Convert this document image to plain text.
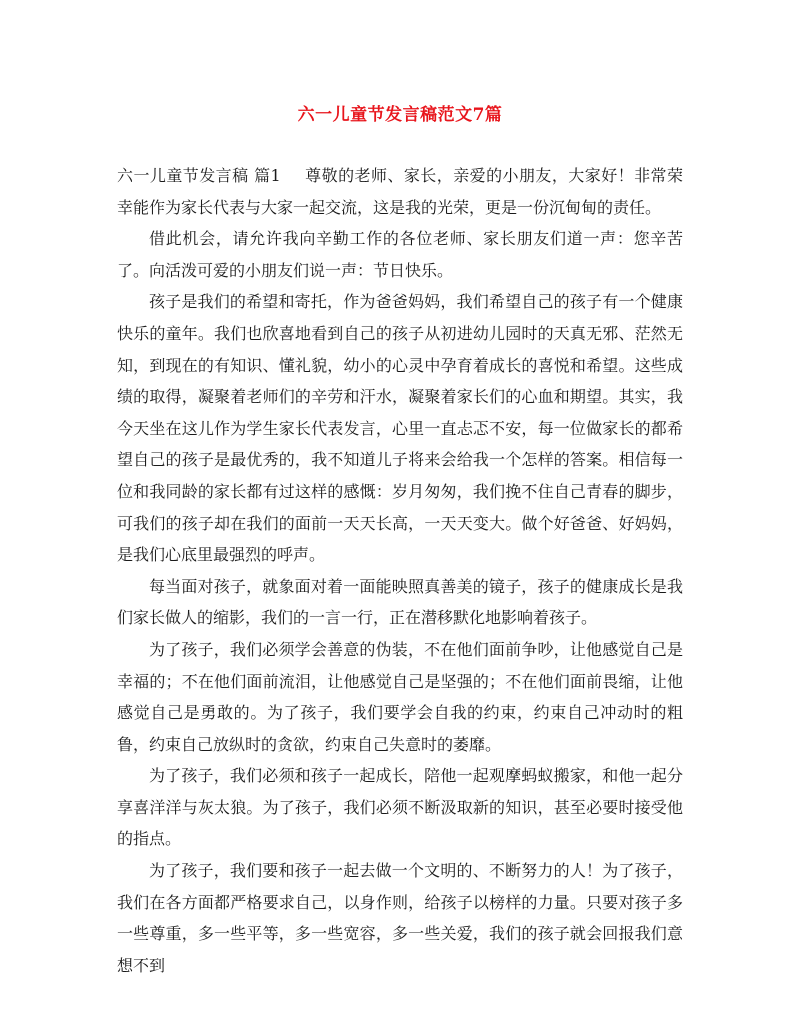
六一儿童节发言稿范文7篇

六一儿童节发言稿 篇1 尊敬的老师、家长，亲爱的小朋友，大家好！非常荣幸能作为家长代表与大家一起交流，这是我的光荣，更是一份沉甸甸的责任。

借此机会，请允许我向辛勤工作的各位老师、家长朋友们道一声：您辛苦了。向活泼可爱的小朋友们说一声：节日快乐。

孩子是我们的希望和寄托，作为爸爸妈妈，我们希望自己的孩子有一个健康快乐的童年。我们也欣喜地看到自己的孩子从初进幼儿园时的天真无邪、茫然无知，到现在的有知识、懂礼貌，幼小的心灵中孕育着成长的喜悦和希望。这些成绩的取得，凝聚着老师们的辛劳和汗水，凝聚着家长们的心血和期望。其实，我今天坐在这儿作为学生家长代表发言，心里一直忐忑不安，每一位做家长的都希望自己的孩子是最优秀的，我不知道儿子将来会给我一个怎样的答案。相信每一位和我同龄的家长都有过这样的感慨：岁月匆匆，我们挽不住自己青春的脚步，可我们的孩子却在我们的面前一天天长高，一天天变大。做个好爸爸、好妈妈，是我们心底里最强烈的呼声。

每当面对孩子，就象面对着一面能映照真善美的镜子，孩子的健康成长是我们家长做人的缩影，我们的一言一行，正在潜移默化地影响着孩子。

为了孩子，我们必须学会善意的伪装，不在他们面前争吵，让他感觉自己是幸福的；不在他们面前流泪，让他感觉自己是坚强的；不在他们面前畏缩，让他感觉自己是勇敢的。为了孩子，我们要学会自我的约束，约束自己冲动时的粗鲁，约束自己放纵时的贪欲，约束自己失意时的萎靡。

为了孩子，我们必须和孩子一起成长，陪他一起观摩蚂蚁搬家，和他一起分享喜洋洋与灰太狼。为了孩子，我们必须不断汲取新的知识，甚至必要时接受他的指点。

为了孩子，我们要和孩子一起去做一个文明的、不断努力的人！为了孩子，我们在各方面都严格要求自己，以身作则，给孩子以榜样的力量。只要对孩子多一些尊重，多一些平等，多一些宽容，多一些关爱，我们的孩子就会回报我们意想不到
